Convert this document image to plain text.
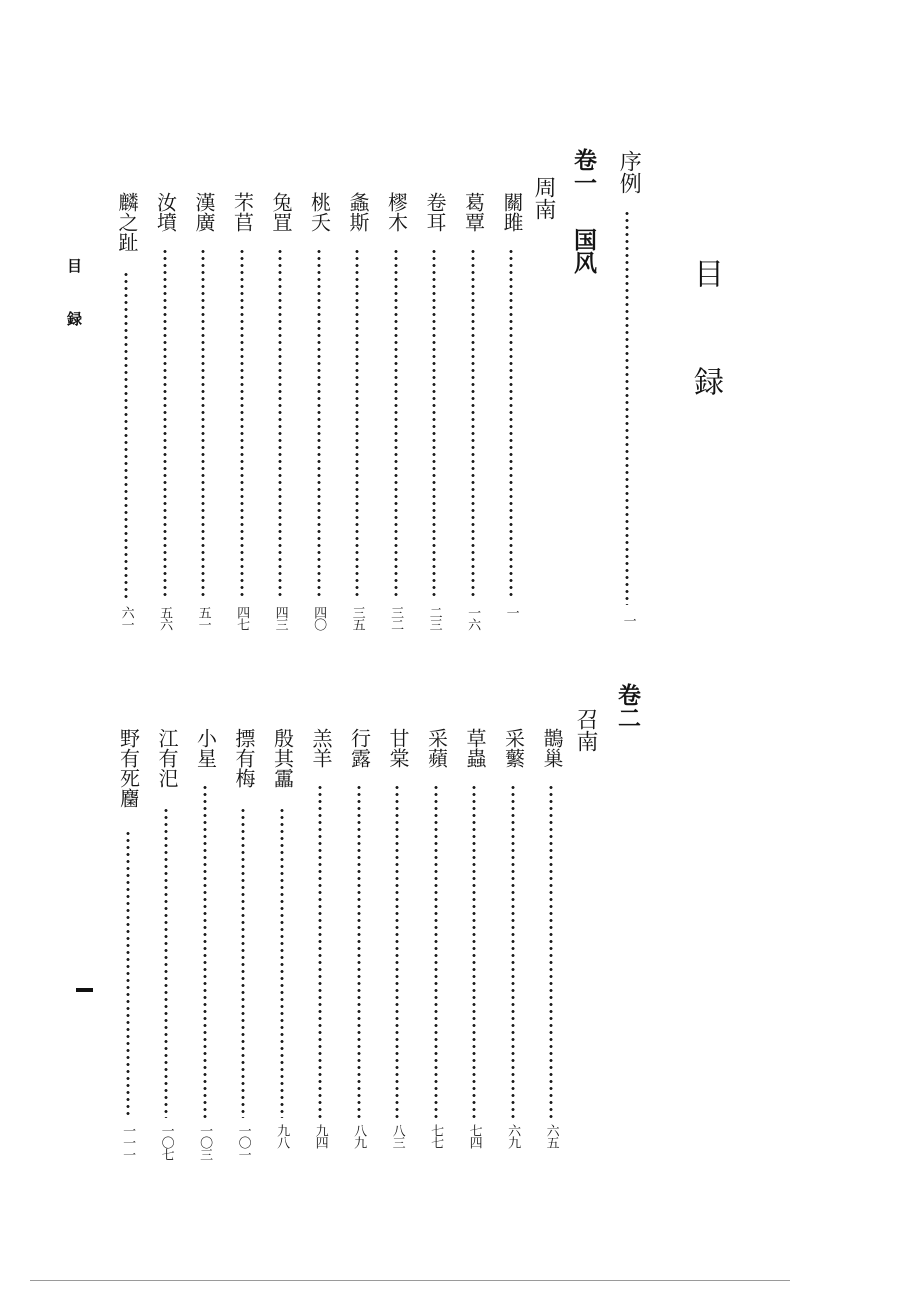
目録
目録
序例
一
卷一
国风
周南
關雎
一
葛覃
一六
卷耳
二三
樛木
三二
螽斯
三五
桃夭
四〇
兔罝
四三
芣苢
四七
漢廣
五一
汝墳
五六
麟之趾
六一
卷二
召南
鵲巢
六五
采蘩
六九
草蟲
七四
采蘋
七七
甘棠
八三
行露
八九
羔羊
九四
殷其靁
九八
摽有梅
一〇一
小星
一〇三
江有汜
一〇七
野有死麕
一一一
